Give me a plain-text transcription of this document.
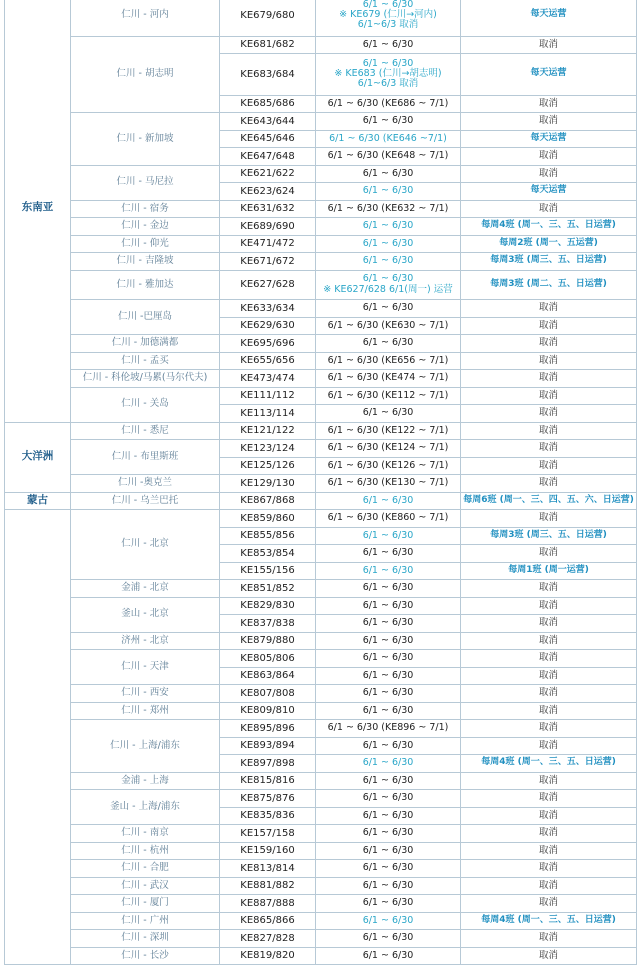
东南亚	仁川 - 河内	KE679/680	6/1 ~ 6/30
※ KE679 (仁川→河内)
6/1~6/3 取消	每天运营
	仁川 - 胡志明	KE681/682	6/1 ~ 6/30	取消
		KE683/684	6/1 ~ 6/30
※ KE683 (仁川→胡志明)
6/1~6/3 取消	每天运营
		KE685/686	6/1 ~ 6/30 (KE686 ~ 7/1)	取消
	仁川 - 新加坡	KE643/644	6/1 ~ 6/30	取消
		KE645/646	6/1 ~ 6/30 (KE646 ~7/1)	每天运营
		KE647/648	6/1 ~ 6/30 (KE648 ~ 7/1)	取消
	仁川 - 马尼拉	KE621/622	6/1 ~ 6/30	取消
		KE623/624	6/1 ~ 6/30	每天运营
	仁川 - 宿务	KE631/632	6/1 ~ 6/30 (KE632 ~ 7/1)	取消
	仁川 - 金边	KE689/690	6/1 ~ 6/30	每周4班 (周一、三、五、日运营)
	仁川 - 仰光	KE471/472	6/1 ~ 6/30	每周2班 (周一、五运营)
	仁川 - 吉隆坡	KE671/672	6/1 ~ 6/30	每周3班 (周三、五、日运营)
	仁川 - 雅加达	KE627/628	6/1 ~ 6/30
※ KE627/628 6/1(周一) 运营	每周3班 (周二、五、日运营)
	仁川 -巴厘岛	KE633/634	6/1 ~ 6/30	取消
		KE629/630	6/1 ~ 6/30 (KE630 ~ 7/1)	取消
	仁川 - 加德满都	KE695/696	6/1 ~ 6/30	取消
	仁川 - 孟买	KE655/656	6/1 ~ 6/30 (KE656 ~ 7/1)	取消
	仁川 - 科伦坡/马累(马尔代夫)	KE473/474	6/1 ~ 6/30 (KE474 ~ 7/1)	取消
	仁川 - 关岛	KE111/112	6/1 ~ 6/30 (KE112 ~ 7/1)	取消
		KE113/114	6/1 ~ 6/30	取消
大洋洲	仁川 - 悉尼	KE121/122	6/1 ~ 6/30 (KE122 ~ 7/1)	取消
	仁川 - 布里斯班	KE123/124	6/1 ~ 6/30 (KE124 ~ 7/1)	取消
		KE125/126	6/1 ~ 6/30 (KE126 ~ 7/1)	取消
	仁川 -奥克兰	KE129/130	6/1 ~ 6/30 (KE130 ~ 7/1)	取消
蒙古	仁川 - 乌兰巴托	KE867/868	6/1 ~ 6/30	每周6班 (周一、三、四、五、六、日运营)
	仁川 - 北京	KE859/860	6/1 ~ 6/30 (KE860 ~ 7/1)	取消
		KE855/856	6/1 ~ 6/30	每周3班 (周三、五、日运营)
		KE853/854	6/1 ~ 6/30	取消
		KE155/156	6/1 ~ 6/30	每周1班 (周一运营)
	金浦 - 北京	KE851/852	6/1 ~ 6/30	取消
	釜山 - 北京	KE829/830	6/1 ~ 6/30	取消
		KE837/838	6/1 ~ 6/30	取消
	济州 - 北京	KE879/880	6/1 ~ 6/30	取消
	仁川 - 天津	KE805/806	6/1 ~ 6/30	取消
		KE863/864	6/1 ~ 6/30	取消
	仁川 - 西安	KE807/808	6/1 ~ 6/30	取消
	仁川 - 郑州	KE809/810	6/1 ~ 6/30	取消
	仁川 - 上海/浦东	KE895/896	6/1 ~ 6/30 (KE896 ~ 7/1)	取消
		KE893/894	6/1 ~ 6/30	取消
		KE897/898	6/1 ~ 6/30	每周4班 (周一、三、五、日运营)
	金浦 - 上海	KE815/816	6/1 ~ 6/30	取消
	釜山 - 上海/浦东	KE875/876	6/1 ~ 6/30	取消
		KE835/836	6/1 ~ 6/30	取消
	仁川 - 南京	KE157/158	6/1 ~ 6/30	取消
	仁川 - 杭州	KE159/160	6/1 ~ 6/30	取消
	仁川 - 合肥	KE813/814	6/1 ~ 6/30	取消
	仁川 - 武汉	KE881/882	6/1 ~ 6/30	取消
	仁川 - 厦门	KE887/888	6/1 ~ 6/30	取消
	仁川 - 广州	KE865/866	6/1 ~ 6/30	每周4班 (周一、三、五、日运营)
	仁川 - 深圳	KE827/828	6/1 ~ 6/30	取消
	仁川 - 长沙	KE819/820	6/1 ~ 6/30	取消
